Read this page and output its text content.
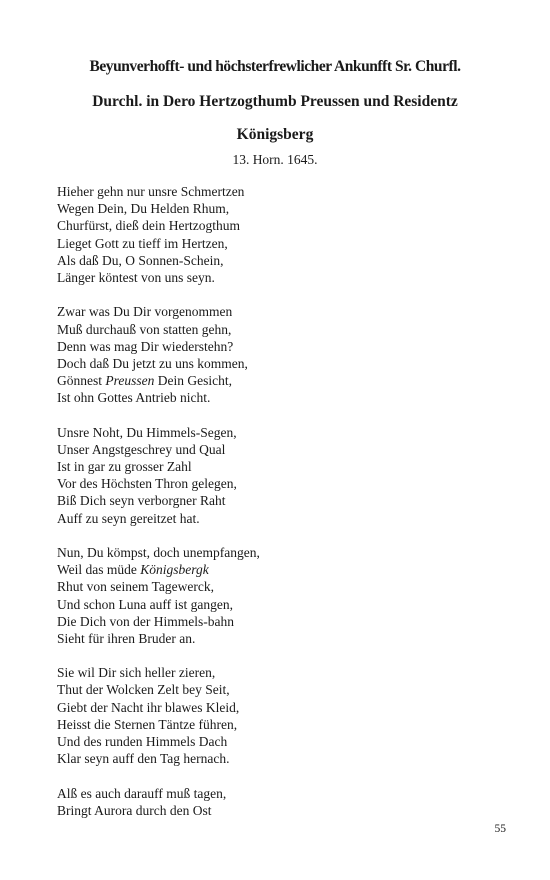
Beyunverhofft- und höchsterfrewlicher Ankunfft Sr. Churfl.
Durchl. in Dero Hertzogthumb Preussen und Residentz
Königsberg
13. Horn. 1645.
Hieher gehn nur unsre Schmertzen
Wegen Dein, Du Helden Rhum,
Churfürst, dieß dein Hertzogthum
Lieget Gott zu tieff im Hertzen,
Als daß Du, O Sonnen-Schein,
Länger köntest von uns seyn.
Zwar was Du Dir vorgenommen
Muß durchauß von statten gehn,
Denn was mag Dir wiederstehn?
Doch daß Du jetzt zu uns kommen,
Gönnest Preussen Dein Gesicht,
Ist ohn Gottes Antrieb nicht.
Unsre Noht, Du Himmels-Segen,
Unser Angstgeschrey und Qual
Ist in gar zu grosser Zahl
Vor des Höchsten Thron gelegen,
Biß Dich seyn verborgner Raht
Auff zu seyn gereitzet hat.
Nun, Du kömpst, doch unempfangen,
Weil das müde Königsbergk
Rhut von seinem Tagewerck,
Und schon Luna auff ist gangen,
Die Dich von der Himmels-bahn
Sieht für ihren Bruder an.
Sie wil Dir sich heller zieren,
Thut der Wolcken Zelt bey Seit,
Giebt der Nacht ihr blawes Kleid,
Heisst die Sternen Täntze führen,
Und des runden Himmels Dach
Klar seyn auff den Tag hernach.
Alß es auch darauff muß tagen,
Bringt Aurora durch den Ost
55
